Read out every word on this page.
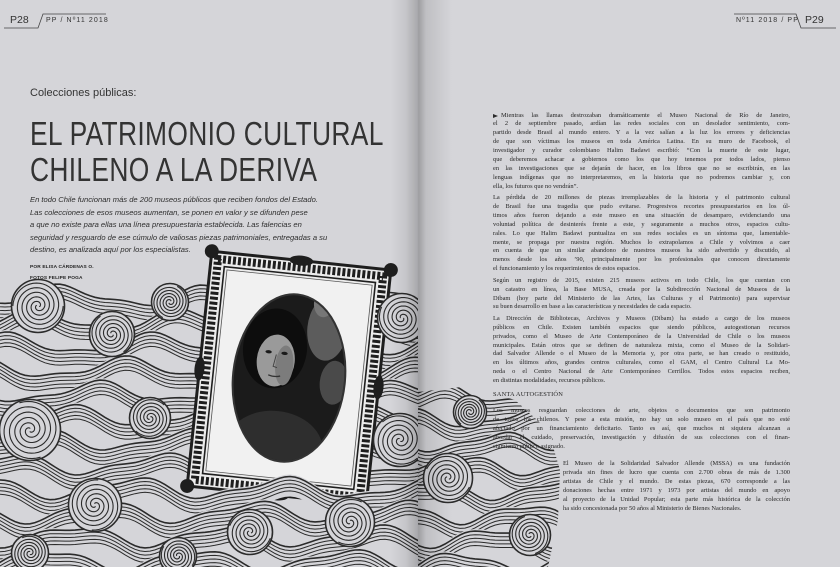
P28 PP / Nº11 2018	Nº11 2018 / PP P29
Colecciones públicas:
EL PATRIMONIO CULTURAL
CHILENO A LA DERIVA
En todo Chile funcionan más de 200 museos públicos que reciben fondos del Estado.
Las colecciones de esos museos aumentan, se ponen en valor y se difunden pese
a que no existe para ellas una línea presupuestaria establecida. Las falencias en
seguridad y resguardo de ese cúmulo de valiosas piezas patrimoniales, entregadas a su
destino, es analizada aquí por los especialistas.
POR ELISA CÁRDENAS O.
FOTOS FELIPE POGA
Mientras las llamas destrozaban dramáticamente el Museo Nacional de Río de Janeiro,
el 2 de septiembre pasado, ardían las redes sociales con un desolador sentimiento, com-
partido desde Brasil al mundo entero. Y a la vez salían a la luz los errores y deficiencias
de que son víctimas los museos en toda América Latina. En su muro de Facebook, el
investigador y curador colombiano Halim Badawi escribió: “Con la muerte de este lugar,
que deberemos achacar a gobiernos como los que hoy tenemos por todos lados, pienso
en las investigaciones que se dejarán de hacer, en los libros que no se escribirán, en las
lenguas indígenas que no interpretaremos, en la historia que no podremos cambiar y, con
ella, los futuros que no vendrán”.
La pérdida de 20 millones de piezas irremplazables de la historia y el patrimonio cultural
de Brasil fue una tragedia que pudo evitarse. Progresivos recortes presupuestarios en los úl-
timos años fueron dejando a este museo en una situación de desamparo, evidenciando una
voluntad política de desinterés frente a este, y seguramente a muchos otros, espacios cultu-
rales. Lo que Halim Badawi puntualiza en sus redes sociales es un síntoma que, lamentable-
mente, se propaga por nuestra región. Muchos lo extrapolamos a Chile y volvimos a caer
en cuenta de que un similar abandono de nuestros museos ha sido advertido y discutido, al
menos desde los años ’90, principalmente por los profesionales que conocen directamente
el funcionamiento y los requerimientos de estos espacios.
Según un registro de 2015, existen 215 museos activos en todo Chile, los que cuentan con
un catastro en línea, la Base MUSA, creada por la Subdirección Nacional de Museos de la
Dibam (hoy parte del Ministerio de las Artes, las Culturas y el Patrimonio) para supervisar
su buen desarrollo en base a las características y necesidades de cada espacio.
La Dirección de Bibliotecas, Archivos y Museos (Dibam) ha estado a cargo de los museos
públicos en Chile. Existen también espacios que siendo públicos, autogestionan recursos
privados, como el Museo de Arte Contemporáneo de la Universidad de Chile o los museos
municipales. Están otros que se definen de naturaleza mixta, como el Museo de la Solidari-
dad Salvador Allende o el Museo de la Memoria y, por otra parte, se han creado o restituido,
en los últimos años, grandes centros culturales, como el GAM, el Centro Cultural La Mo-
neda o el Centro Nacional de Arte Contemporáneo Cerrillos. Todos estos espacios reciben,
en distintas modalidades, recursos públicos.
SANTA AUTOGESTIÓN
Los museos resguardan colecciones de arte, objetos o documentos que son patrimonio
de todos los chilenos. Y pese a esta misión, no hay un solo museo en el país que no esté
afectado por un financiamiento deficitario. Tanto es así, que muchos ni siquiera alcanzan a
abordar el cuidado, preservación, investigación y difusión de sus colecciones con el finan-
ciamiento público asignado.
El Museo de la Solidaridad Salvador Allende (MSSA) es una fundación
privada sin fines de lucro que cuenta con 2.700 obras de más de 1.300
artistas de Chile y el mundo. De estas piezas, 670 corresponde a las
donaciones hechas entre 1971 y 1973 por artistas del mundo en apoyo
al proyecto de la Unidad Popular; esta parte más histórica de la colección
ha sido concesionada por 50 años al Ministerio de Bienes Nacionales.
